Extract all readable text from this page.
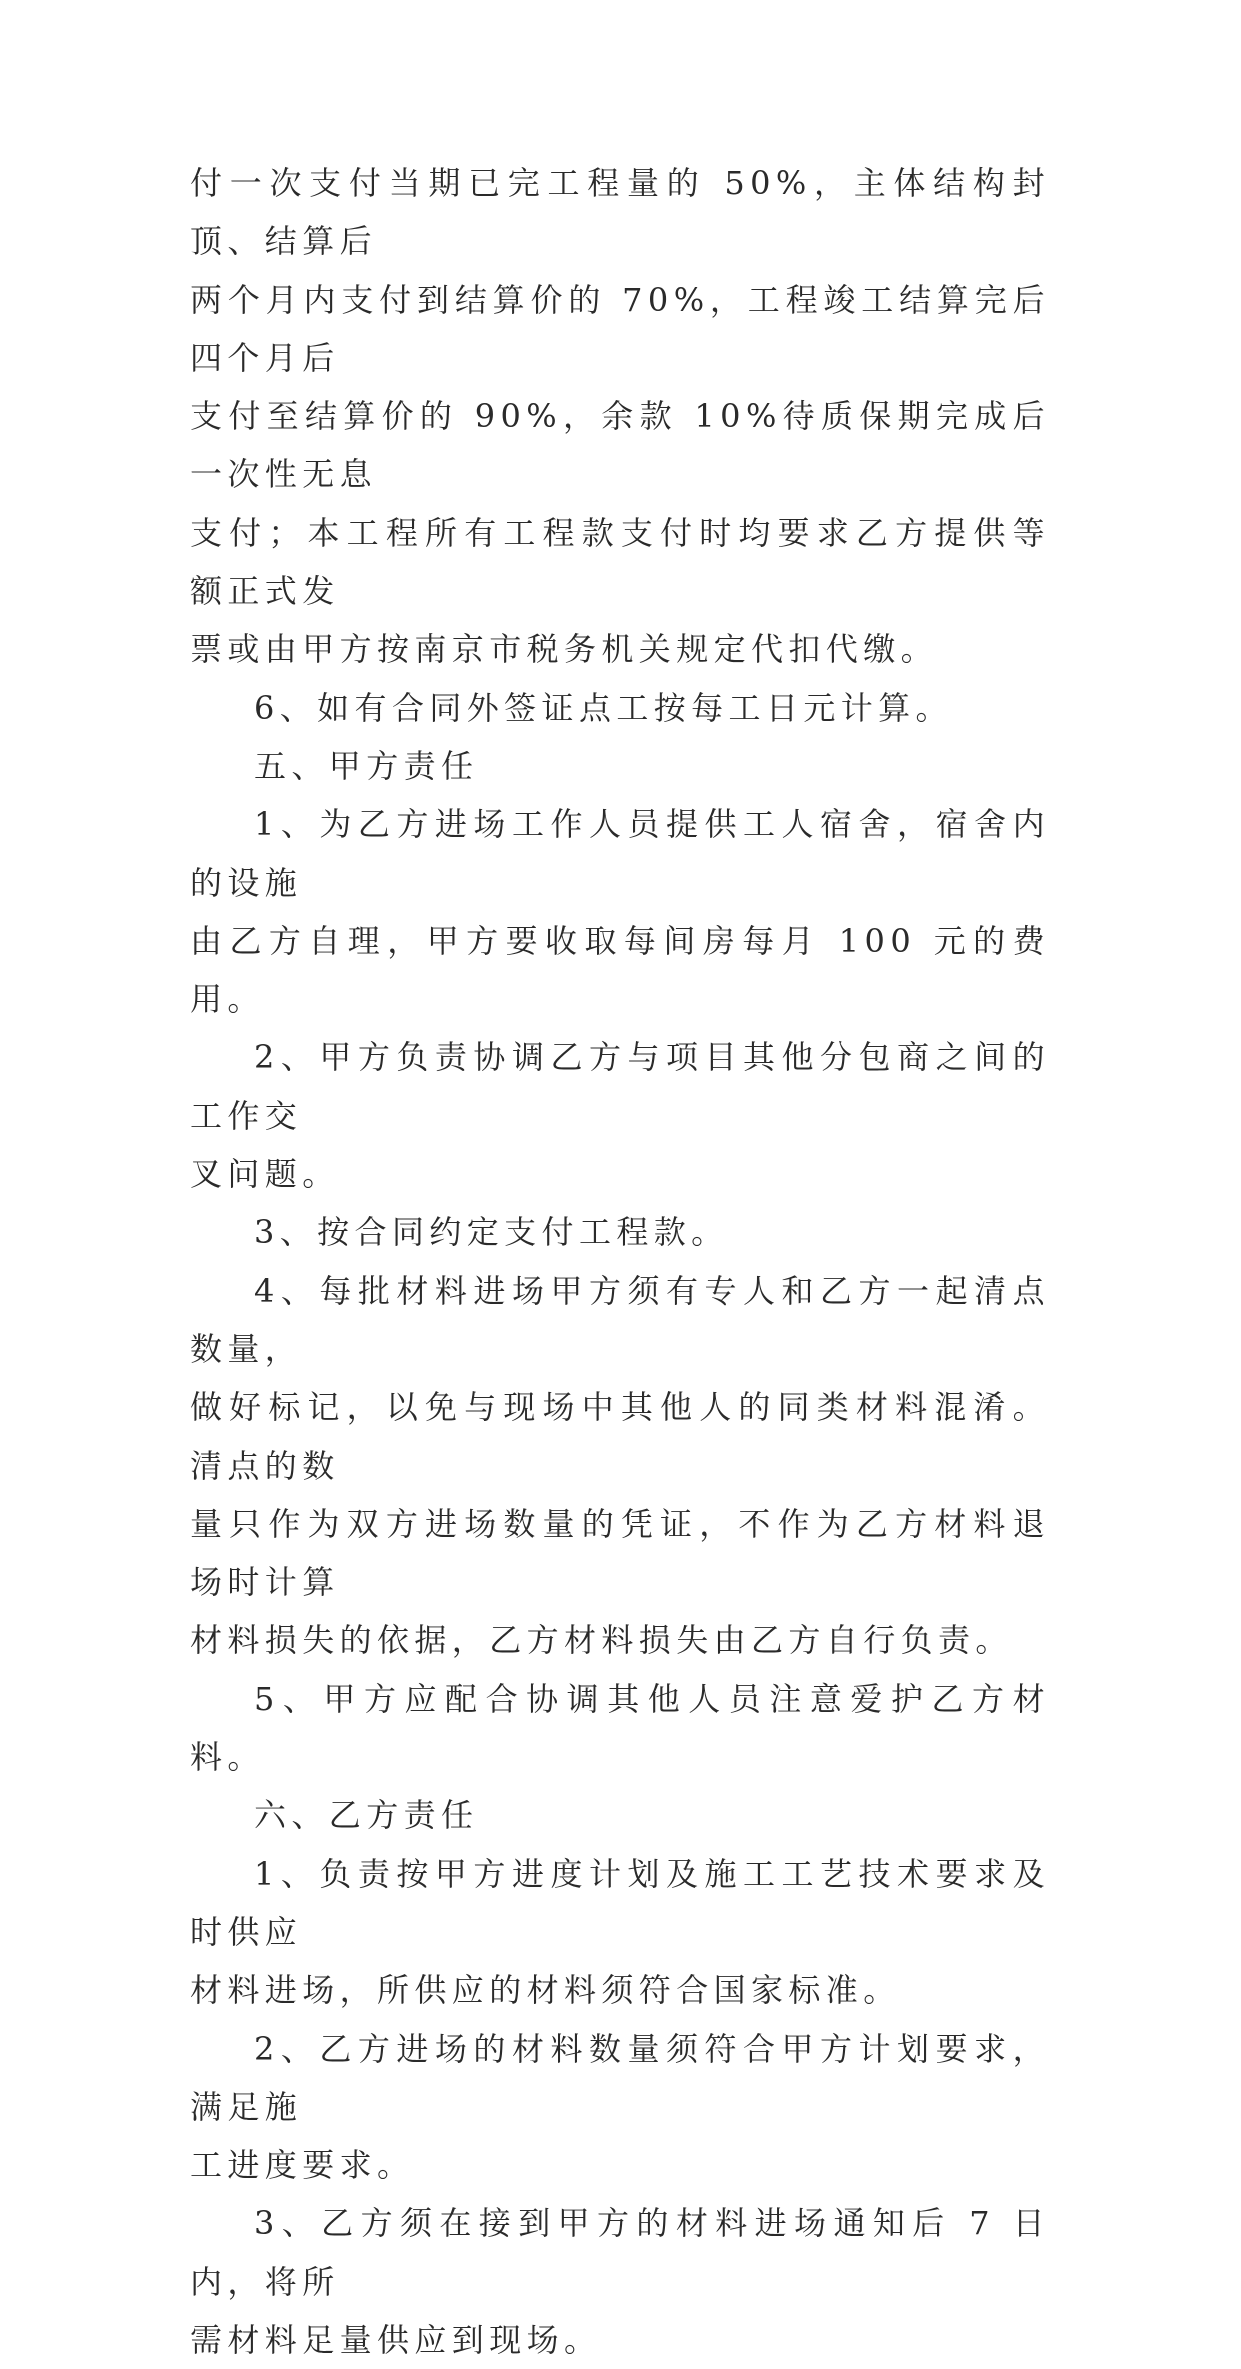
付一次支付当期已完工程量的 50%，主体结构封顶、结算后
两个月内支付到结算价的 70%，工程竣工结算完后四个月后
支付至结算价的 90%，余款 10%待质保期完成后一次性无息
支付；本工程所有工程款支付时均要求乙方提供等额正式发
票或由甲方按南京市税务机关规定代扣代缴。
6、如有合同外签证点工按每工日元计算。
五、甲方责任
1、为乙方进场工作人员提供工人宿舍，宿舍内的设施
由乙方自理，甲方要收取每间房每月 100 元的费用。
2、甲方负责协调乙方与项目其他分包商之间的工作交
叉问题。
3、按合同约定支付工程款。
4、每批材料进场甲方须有专人和乙方一起清点数量，
做好标记，以免与现场中其他人的同类材料混淆。清点的数
量只作为双方进场数量的凭证，不作为乙方材料退场时计算
材料损失的依据，乙方材料损失由乙方自行负责。
5、甲方应配合协调其他人员注意爱护乙方材料。
六、乙方责任
1、负责按甲方进度计划及施工工艺技术要求及时供应
材料进场，所供应的材料须符合国家标准。
2、乙方进场的材料数量须符合甲方计划要求，满足施
工进度要求。
3、乙方须在接到甲方的材料进场通知后 7 日内，将所
需材料足量供应到现场。
